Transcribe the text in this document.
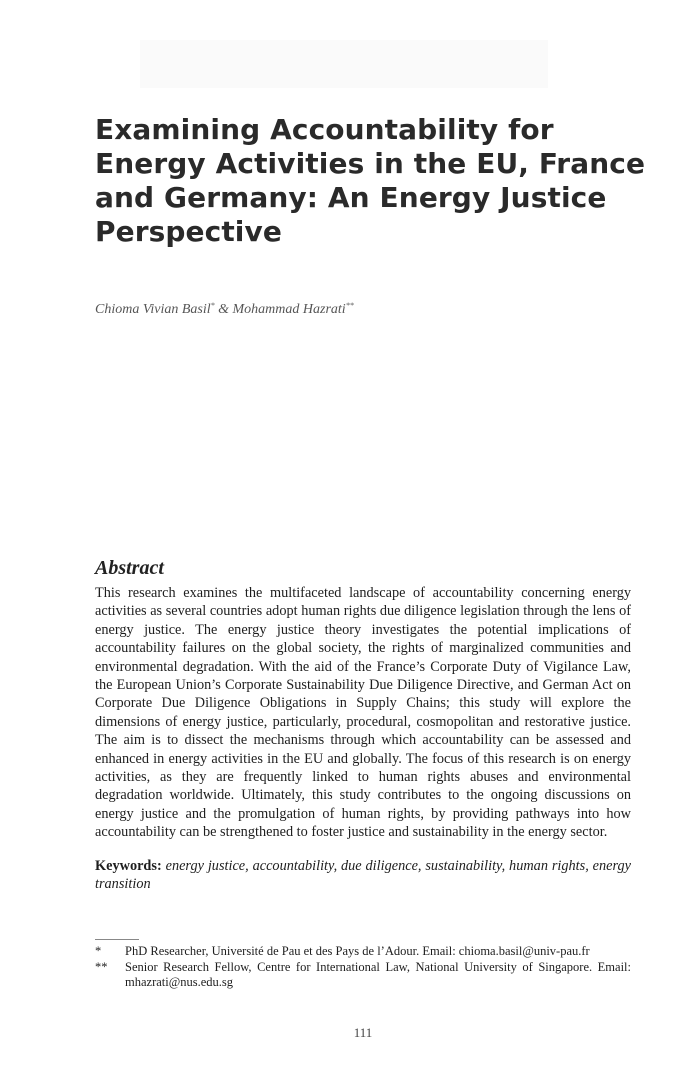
Examining Accountability for Energy Activities in the EU, France and Germany: An Energy Justice Perspective
Chioma Vivian Basil* & Mohammad Hazrati**
Abstract

This research examines the multifaceted landscape of accountability concerning energy activities as several countries adopt human rights due diligence legislation through the lens of energy justice. The energy justice theory investigates the potential implications of accountability failures on the global society, the rights of marginalized communities and environmental degradation. With the aid of the France’s Corporate Duty of Vigilance Law, the European Union’s Corporate Sustainability Due Diligence Directive, and German Act on Corporate Due Diligence Obligations in Supply Chains; this study will explore the dimensions of energy justice, particularly, procedural, cosmopolitan and restorative justice. The aim is to dissect the mechanisms through which accountability can be assessed and enhanced in energy activities in the EU and globally. The focus of this research is on energy activities, as they are frequently linked to human rights abuses and environmental degradation worldwide. Ultimately, this study contributes to the ongoing discussions on energy justice and the promulgation of human rights, by providing pathways into how accountability can be strengthened to foster justice and sustainability in the energy sector.

Keywords: energy justice, accountability, due diligence, sustainability, human rights, energy transition

*	PhD Researcher, Université de Pau et des Pays de l’Adour. Email: chioma.basil@univ-pau.fr
**	Senior Research Fellow, Centre for International Law, National University of Singapore. Email: mhazrati@nus.edu.sg
111
